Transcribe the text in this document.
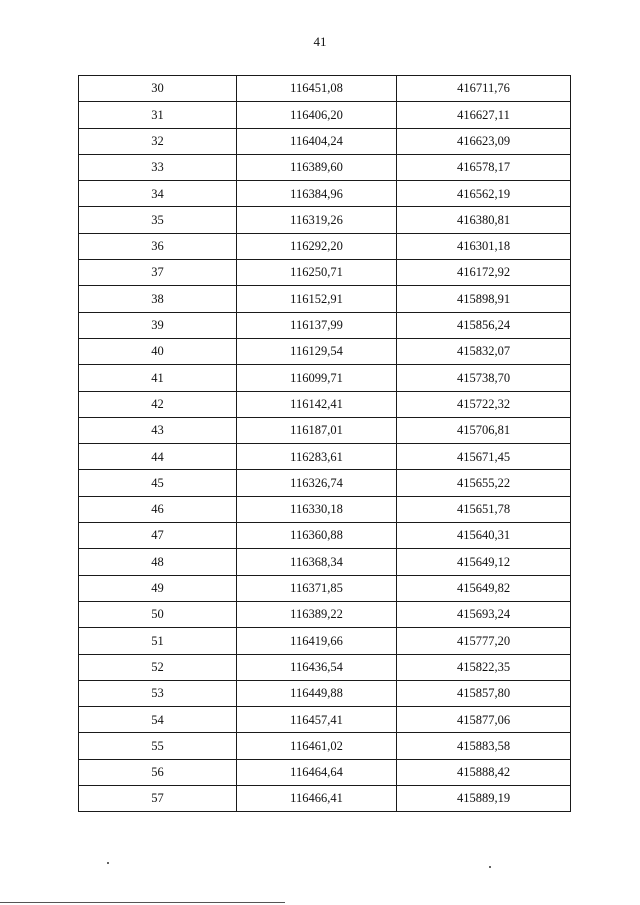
41
30	116451,08	416711,76
31	116406,20	416627,11
32	116404,24	416623,09
33	116389,60	416578,17
34	116384,96	416562,19
35	116319,26	416380,81
36	116292,20	416301,18
37	116250,71	416172,92
38	116152,91	415898,91
39	116137,99	415856,24
40	116129,54	415832,07
41	116099,71	415738,70
42	116142,41	415722,32
43	116187,01	415706,81
44	116283,61	415671,45
45	116326,74	415655,22
46	116330,18	415651,78
47	116360,88	415640,31
48	116368,34	415649,12
49	116371,85	415649,82
50	116389,22	415693,24
51	116419,66	415777,20
52	116436,54	415822,35
53	116449,88	415857,80
54	116457,41	415877,06
55	116461,02	415883,58
56	116464,64	415888,42
57	116466,41	415889,19
